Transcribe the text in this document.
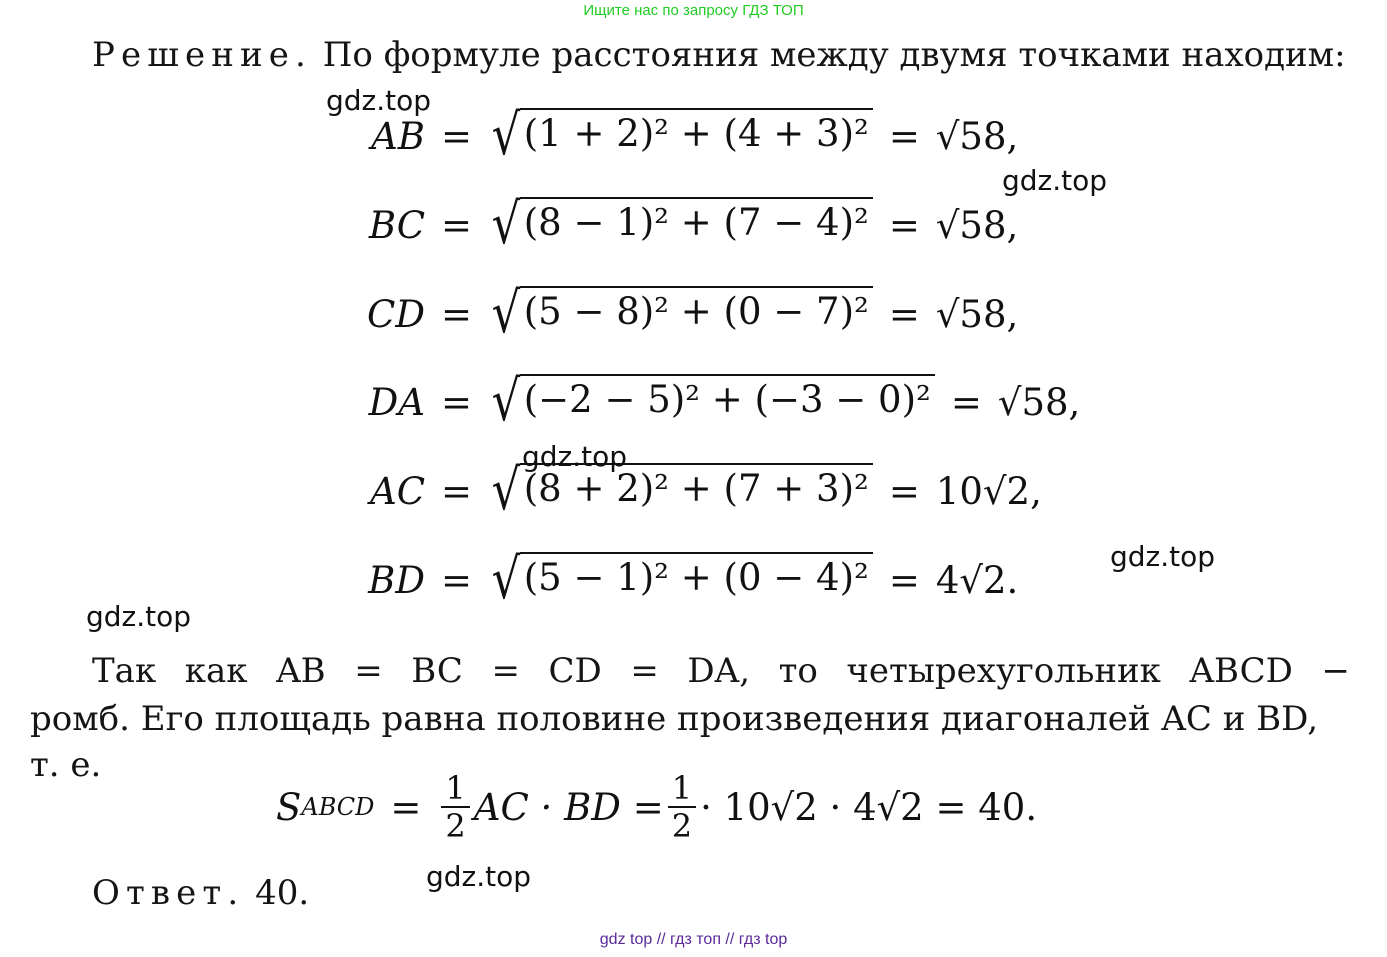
Ищите нас по запросу ГДЗ ТОП
Решение. По формуле расстояния между двумя точками находим:
gdz.top
gdz.top
gdz.top
gdz.top
gdz.top
gdz.top
AB = √ (1 + 2)² + (4 + 3)² = √58 ,
BC = √ (8 − 1)² + (7 − 4)² = √58 ,
CD = √ (5 − 8)² + (0 − 7)² = √58 ,
DA = √ (−2 − 5)² + (−3 − 0)² = √58 ,
AC = √ (8 + 2)² + (7 + 3)² = 10√2 ,
BD = √ (5 − 1)² + (0 − 4)² = 4√2 .
Так как AB = BC = CD = DA, то четырехугольник ABCD −
ромб. Его площадь равна половине произведения диагоналей AC и BD,
т. е.
S ABCD = $\frac{1}{2}$ AC · BD = $\frac{1}{2} \cdot 10√2 \cdot 4√2 = 40$.
Ответ. 40.
gdz top // гдз топ // гдз top
